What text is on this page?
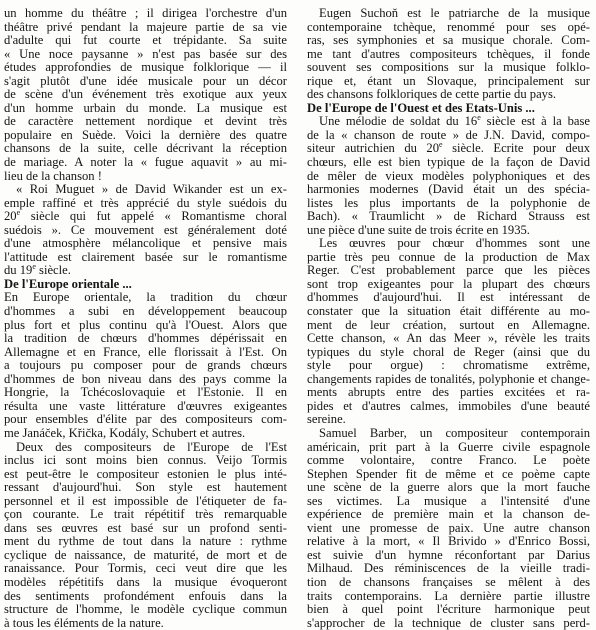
un homme du théâtre ; il dirigea l'orchestre d'un
théâtre privé pendant la majeure partie de sa vie
d'adulte qui fut courte et trépidante. Sa suite
« Une noce paysanne » n'est pas basée sur des
études approfondies de musique folklorique — il
s'agit plutôt d'une idée musicale pour un décor
de scène d'un événement très exotique aux yeux
d'un homme urbain du monde. La musique est
de caractère nettement nordique et devint très
populaire en Suède. Voici la dernière des quatre
chansons de la suite, celle décrivant la réception
de mariage. A noter la « fugue aquavit » au mi-
lieu de la chanson !
« Roi Muguet » de David Wikander est un ex-
emple raffiné et très apprécié du style suédois du
20e siècle qui fut appelé « Romantisme choral
suédois ». Ce mouvement est généralement doté
d'une atmosphère mélancolique et pensive mais
l'attitude est clairement basée sur le romantisme
du 19e siècle.
De l'Europe orientale ...
En Europe orientale, la tradition du chœur
d'hommes a subi en développement beaucoup
plus fort et plus continu qu'à l'Ouest. Alors que
la tradition de chœurs d'hommes dépérissait en
Allemagne et en France, elle florissait à l'Est. On
a toujours pu composer pour de grands chœurs
d'hommes de bon niveau dans des pays comme la
Hongrie, la Tchécoslovaquie et l'Estonie. Il en
résulta une vaste littérature d'œuvres exigeantes
pour ensembles d'élite par des compositeurs com-
me Janáček, Křička, Kodály, Schubert et autres.
Deux des compositeurs de l'Europe de l'Est
inclus ici sont moins bien connus. Veijo Tormis
est peut-être le compositeur estonien le plus inté-
ressant d'aujourd'hui. Son style est hautement
personnel et il est impossible de l'étiqueter de fa-
çon courante. Le trait répétitif très remarquable
dans ses œuvres est basé sur un profond senti-
ment du rythme de tout dans la nature : rythme
cyclique de naissance, de maturité, de mort et de
ranaissance. Pour Tormis, ceci veut dire que les
modèles répétitifs dans la musique évoqueront
des sentiments profondément enfouis dans la
structure de l'homme, le modèle cyclique commun
à tous les éléments de la nature.
Eugen Suchoň est le patriarche de la musique
contemporaine tchèque, renommé pour ses opé-
ras, ses symphonies et sa musique chorale. Com-
me tant d'autres compositeurs tchèques, il fonde
souvent ses compositions sur la musique folklo-
rique et, étant un Slovaque, principalement sur
des chansons folkloriques de cette partie du pays.
De l'Europe de l'Ouest et des Etats-Unis ...
Une mélodie de soldat du 16e siècle est à la base
de la « chanson de route » de J.N. David, compo-
siteur autrichien du 20e siècle. Ecrite pour deux
chœurs, elle est bien typique de la façon de David
de mêler de vieux modèles polyphoniques et des
harmonies modernes (David était un des spécia-
listes les plus importants de la polyphonie de
Bach). « Traumlicht » de Richard Strauss est
une pièce d'une suite de trois écrite en 1935.
Les œuvres pour chœur d'hommes sont une
partie très peu connue de la production de Max
Reger. C'est probablement parce que les pièces
sont trop exigeantes pour la plupart des chœurs
d'hommes d'aujourd'hui. Il est intéressant de
constater que la situation était différente au mo-
ment de leur création, surtout en Allemagne.
Cette chanson, « An das Meer », révèle les traits
typiques du style choral de Reger (ainsi que du
style pour orgue) : chromatisme extrême,
changements rapides de tonalités, polyphonie et change-
ments abrupts entre des parties excitées et ra-
pides et d'autres calmes, immobiles d'une beauté
sereine.
Samuel Barber, un compositeur contemporain
américain, prit part à la Guerre civile espagnole
comme volontaire, contre Franco. Le poète
Stephen Spender fit de même et ce poème capte
une scène de la guerre alors que la mort fauche
ses victimes. La musique a l'intensité d'une
expérience de première main et la chanson de-
vient une promesse de paix. Une autre chanson
relative à la mort, « Il Brivido » d'Enrico Bossi,
est suivie d'un hymne réconfortant par Darius
Milhaud. Des réminiscences de la vieille tradi-
tion de chansons françaises se mêlent à des
traits contemporains. La dernière partie illustre
bien à quel point l'écriture harmonique peut
s'approcher de la technique de cluster sans perd-
